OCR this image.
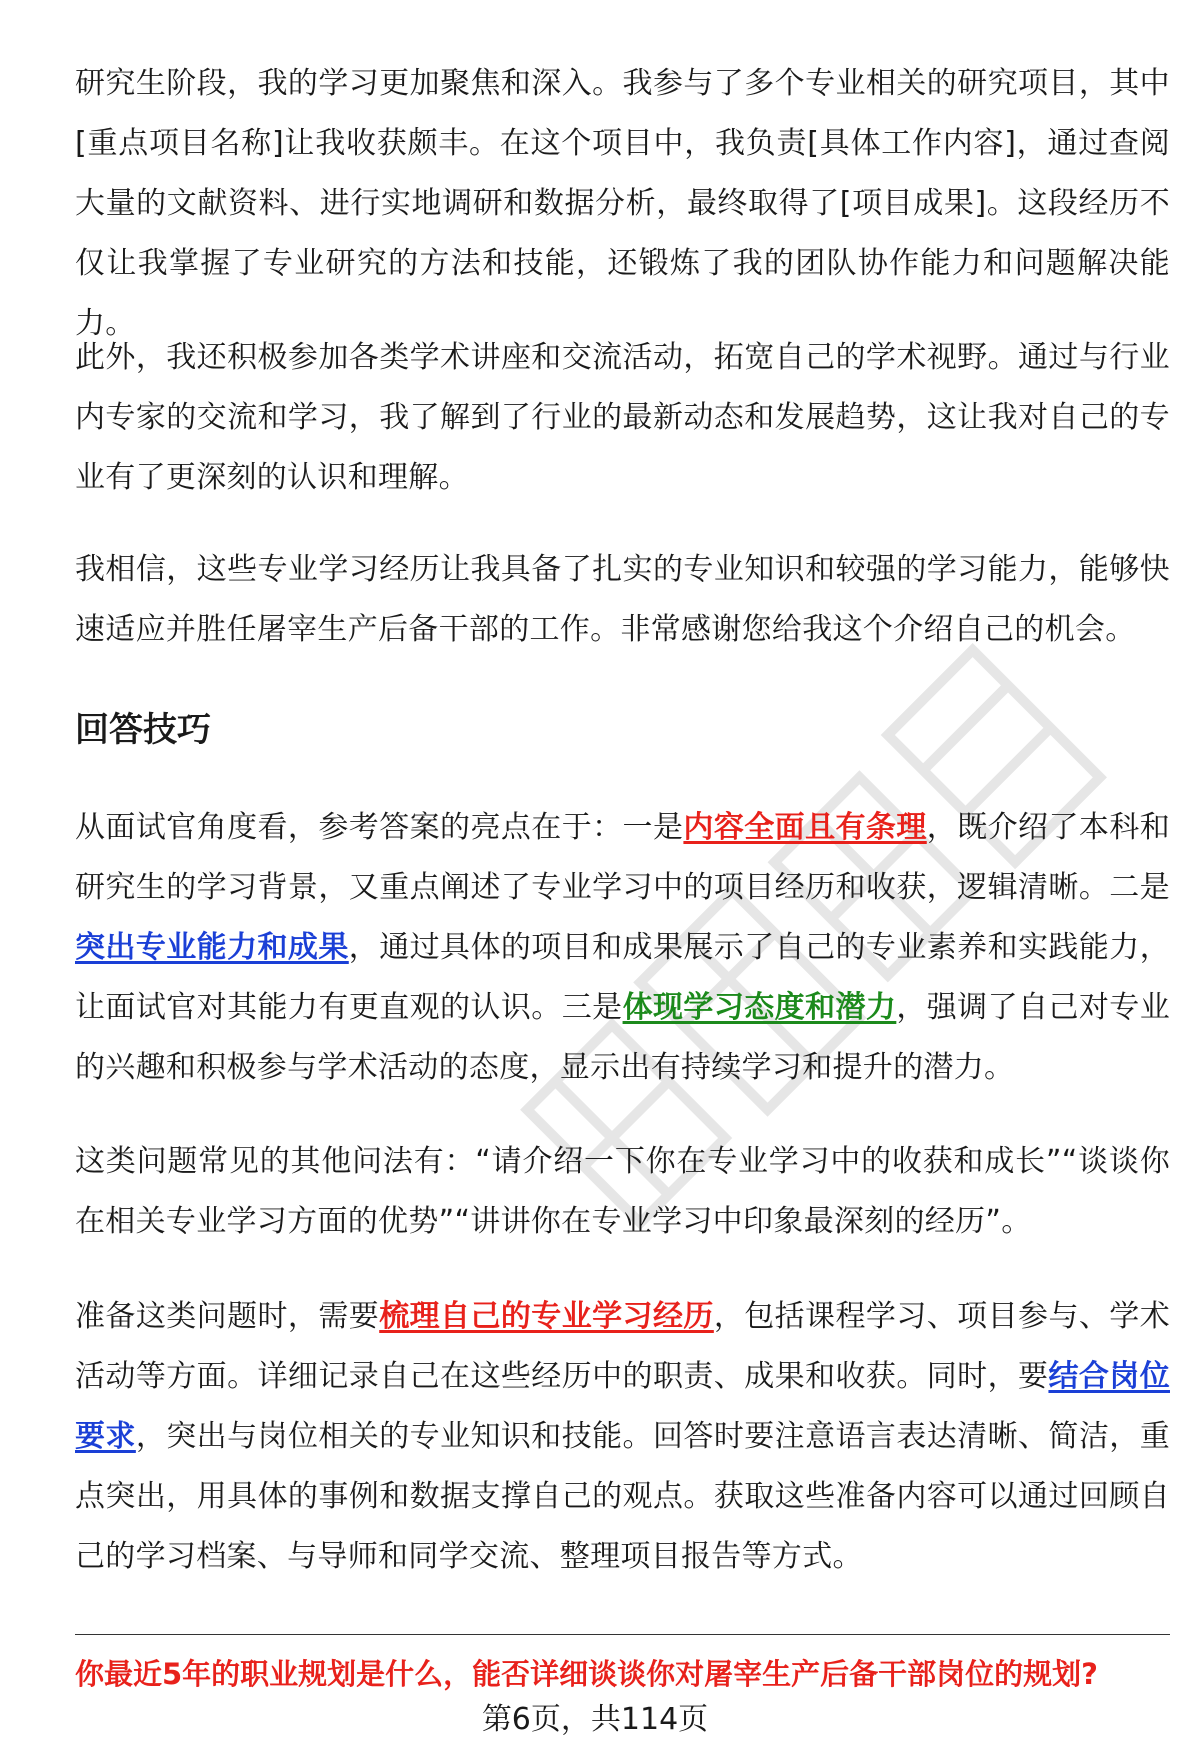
研究生阶段，我的学习更加聚焦和深入。我参与了多个专业相关的研究项目，其中[重点项目名称]让我收获颇丰。在这个项目中，我负责[具体工作内容]，通过查阅大量的文献资料、进行实地调研和数据分析，最终取得了[项目成果]。这段经历不仅让我掌握了专业研究的方法和技能，还锻炼了我的团队协作能力和问题解决能力。

此外，我还积极参加各类学术讲座和交流活动，拓宽自己的学术视野。通过与行业内专家的交流和学习，我了解到了行业的最新动态和发展趋势，这让我对自己的专业有了更深刻的认识和理解。

我相信，这些专业学习经历让我具备了扎实的专业知识和较强的学习能力，能够快速适应并胜任屠宰生产后备干部的工作。非常感谢您给我这个介绍自己的机会。

回答技巧

从面试官角度看，参考答案的亮点在于：一是内容全面且有条理，既介绍了本科和研究生的学习背景，又重点阐述了专业学习中的项目经历和收获，逻辑清晰。二是突出专业能力和成果，通过具体的项目和成果展示了自己的专业素养和实践能力，让面试官对其能力有更直观的认识。三是体现学习态度和潜力，强调了自己对专业的兴趣和积极参与学术活动的态度，显示出有持续学习和提升的潜力。

这类问题常见的其他问法有：“请介绍一下你在专业学习中的收获和成长”“谈谈你在相关专业学习方面的优势”“讲讲你在专业学习中印象最深刻的经历”。

准备这类问题时，需要梳理自己的专业学习经历，包括课程学习、项目参与、学术活动等方面。详细记录自己在这些经历中的职责、成果和收获。同时，要结合岗位要求，突出与岗位相关的专业知识和技能。回答时要注意语言表达清晰、简洁，重点突出，用具体的事例和数据支撑自己的观点。获取这些准备内容可以通过回顾自己的学习档案、与导师和同学交流、整理项目报告等方式。

你最近5年的职业规划是什么，能否详细谈谈你对屠宰生产后备干部岗位的规划?

第6页，共114页
